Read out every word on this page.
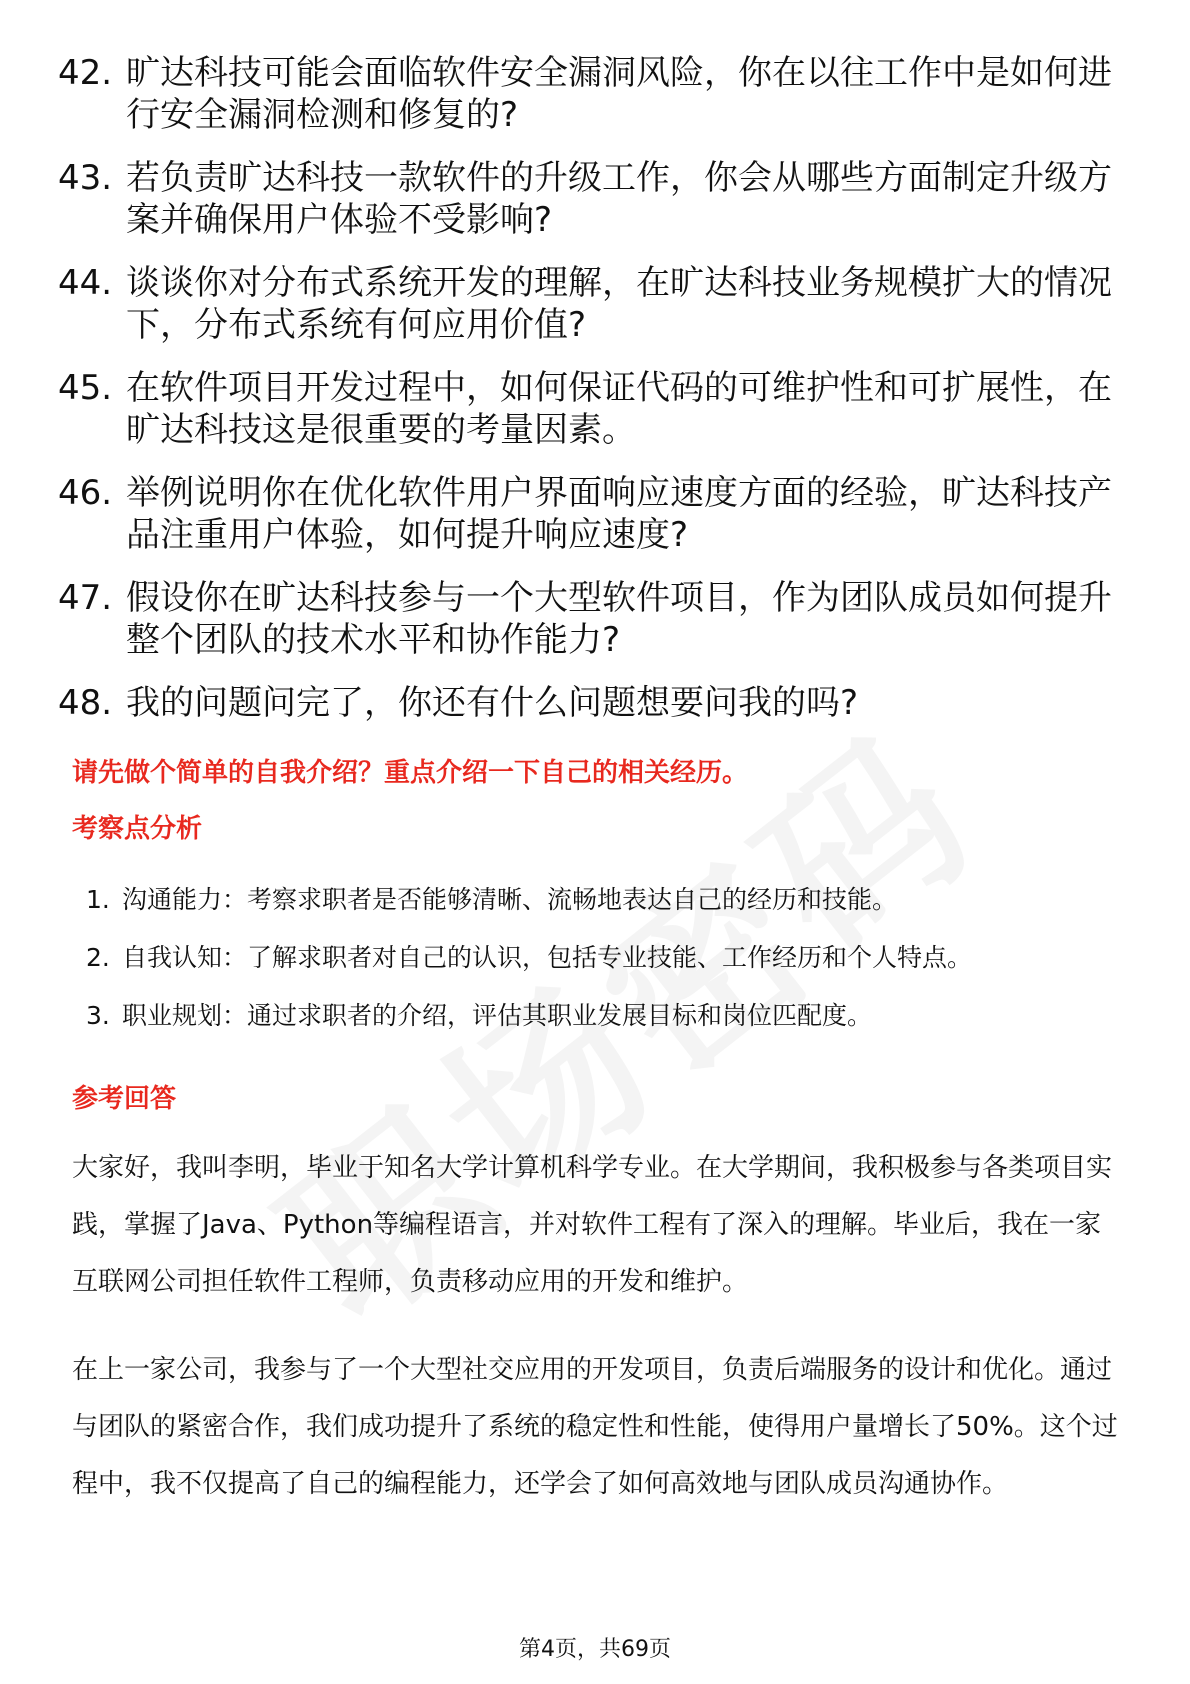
42. 旷达科技可能会面临软件安全漏洞风险，你在以往工作中是如何进行安全漏洞检测和修复的?
43. 若负责旷达科技一款软件的升级工作，你会从哪些方面制定升级方案并确保用户体验不受影响?
44. 谈谈你对分布式系统开发的理解，在旷达科技业务规模扩大的情况下，分布式系统有何应用价值?
45. 在软件项目开发过程中，如何保证代码的可维护性和可扩展性，在旷达科技这是很重要的考量因素。
46. 举例说明你在优化软件用户界面响应速度方面的经验，旷达科技产品注重用户体验，如何提升响应速度?
47. 假设你在旷达科技参与一个大型软件项目，作为团队成员如何提升整个团队的技术水平和协作能力?
48. 我的问题问完了，你还有什么问题想要问我的吗?
请先做个简单的自我介绍？重点介绍一下自己的相关经历。
考察点分析
1. 沟通能力：考察求职者是否能够清晰、流畅地表达自己的经历和技能。
2. 自我认知：了解求职者对自己的认识，包括专业技能、工作经历和个人特点。
3. 职业规划：通过求职者的介绍，评估其职业发展目标和岗位匹配度。
参考回答

大家好，我叫李明，毕业于知名大学计算机科学专业。在大学期间，我积极参与各类项目实践，掌握了Java、Python等编程语言，并对软件工程有了深入的理解。毕业后，我在一家互联网公司担任软件工程师，负责移动应用的开发和维护。

在上一家公司，我参与了一个大型社交应用的开发项目，负责后端服务的设计和优化。通过与团队的紧密合作，我们成功提升了系统的稳定性和性能，使得用户量增长了50%。这个过程中，我不仅提高了自己的编程能力，还学会了如何高效地与团队成员沟通协作。

第4页，共69页
